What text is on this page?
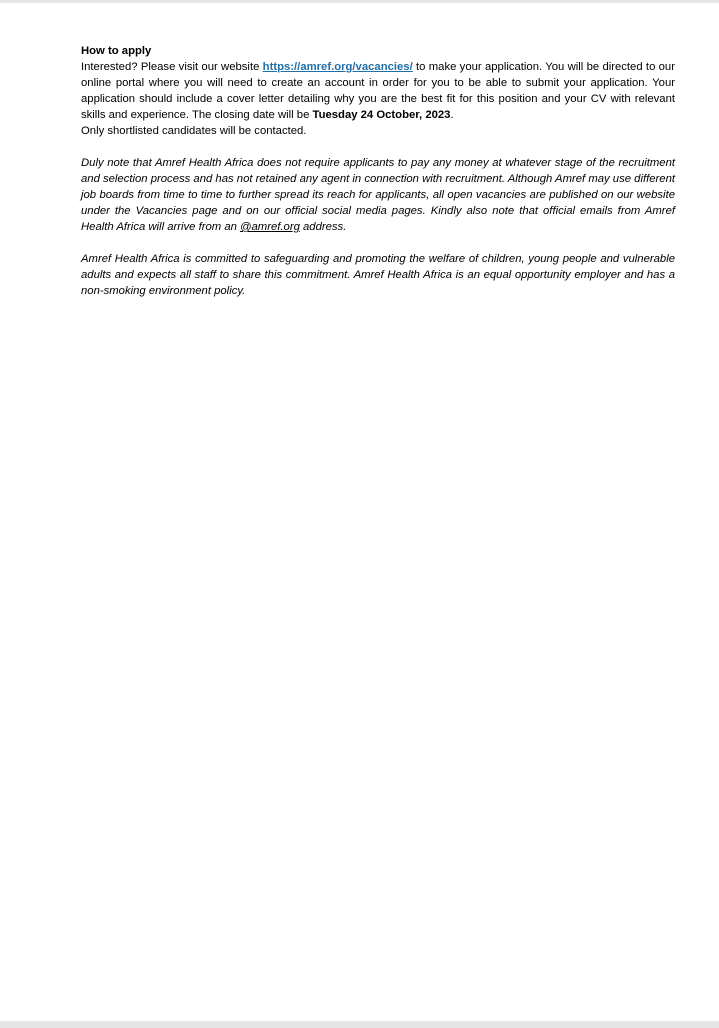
How to apply

Interested? Please visit our website https://amref.org/vacancies/ to make your application. You will be directed to our online portal where you will need to create an account in order for you to be able to submit your application. Your application should include a cover letter detailing why you are the best fit for this position and your CV with relevant skills and experience. The closing date will be Tuesday 24 October, 2023.
Only shortlisted candidates will be contacted.

Duly note that Amref Health Africa does not require applicants to pay any money at whatever stage of the recruitment and selection process and has not retained any agent in connection with recruitment. Although Amref may use different job boards from time to time to further spread its reach for applicants, all open vacancies are published on our website under the Vacancies page and on our official social media pages. Kindly also note that official emails from Amref Health Africa will arrive from an @amref.org address.

Amref Health Africa is committed to safeguarding and promoting the welfare of children, young people and vulnerable adults and expects all staff to share this commitment. Amref Health Africa is an equal opportunity employer and has a non-smoking environment policy.
